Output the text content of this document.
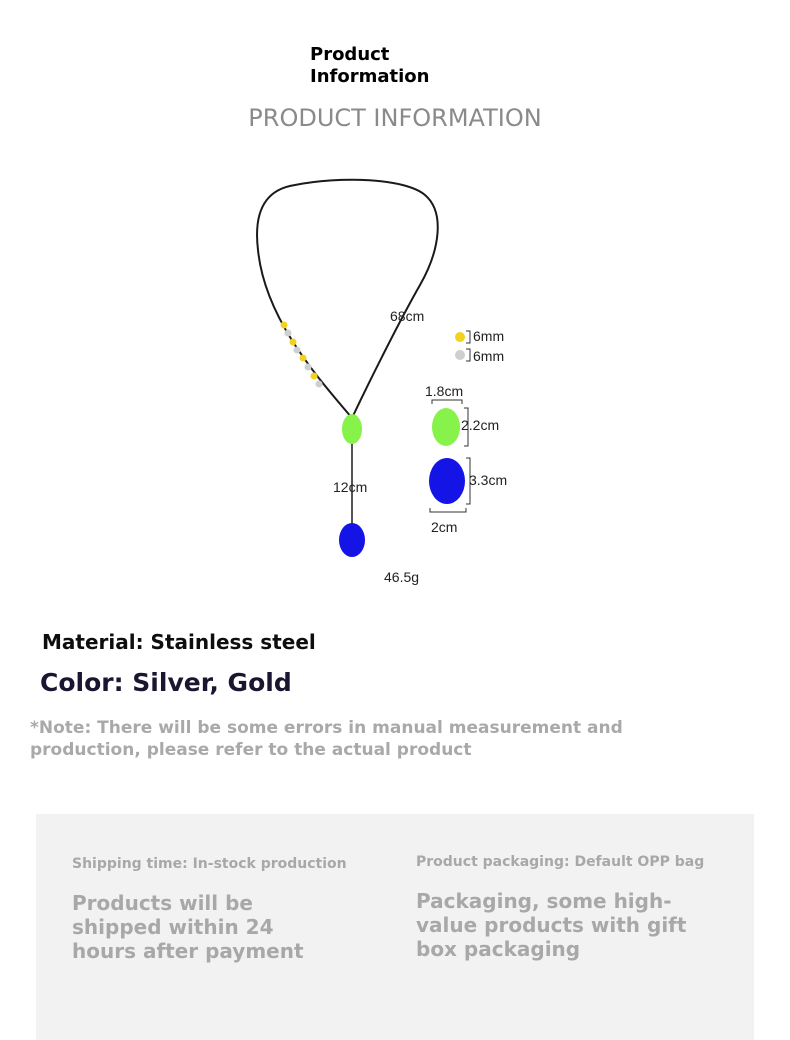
Product Information
PRODUCT INFORMATION
68cm
12cm
46.5g
6mm
6mm
1.8cm
2.2cm
3.3cm
2cm
Material: Stainless steel
Color: Silver, Gold
*Note: There will be some errors in manual measurement and production, please refer to the actual product
Shipping time: In-stock production
Products will be shipped within 24 hours after payment
Product packaging: Default OPP bag
Packaging, some high-value products with gift box packaging
